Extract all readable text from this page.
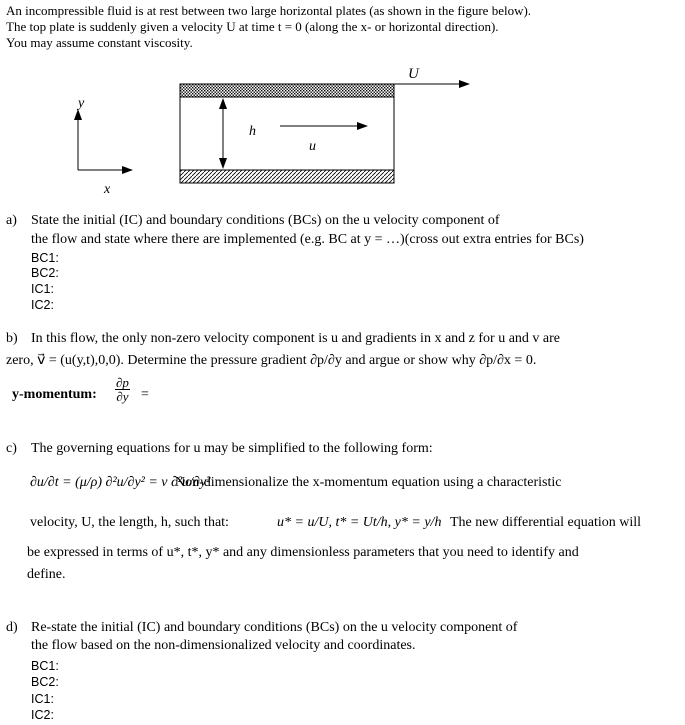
An incompressible fluid is at rest between two large horizontal plates (as shown in the figure below).
The top plate is suddenly given a velocity U at time t = 0 (along the x- or horizontal direction).
You may assume constant viscosity.
U
h
u
y
x
a) State the initial (IC) and boundary conditions (BCs) on the u velocity component of
the flow and state where there are implemented (e.g. BC at y = …)(cross out extra entries for BCs)
BC1:
BC2:
IC1:
IC2:
b) In this flow, the only non-zero velocity component is u and gradients in x and z for u and v are
zero, v⃗ = (u(y,t),0,0). Determine the pressure gradient ∂p/∂y and argue or show why ∂p/∂x = 0.
y-momentum: $\frac{\partial p}{\partial y}$ =
c) The governing equations for u may be simplified to the following form:
∂u/∂t = (μ/ρ) ∂²u/∂y² = ν ∂²u/∂y²
Non-dimensionalize the x-momentum equation using a characteristic
velocity, U, the length, h, such that:	u* = u/U, t* = Ut/h, y* = y/h The new differential equation will
be expressed in terms of u*, t*, y* and any dimensionless parameters that you need to identify and
define.
d) Re-state the initial (IC) and boundary conditions (BCs) on the u velocity component of
the flow based on the non-dimensionalized velocity and coordinates.
BC1:
BC2:
IC1:
IC2:
